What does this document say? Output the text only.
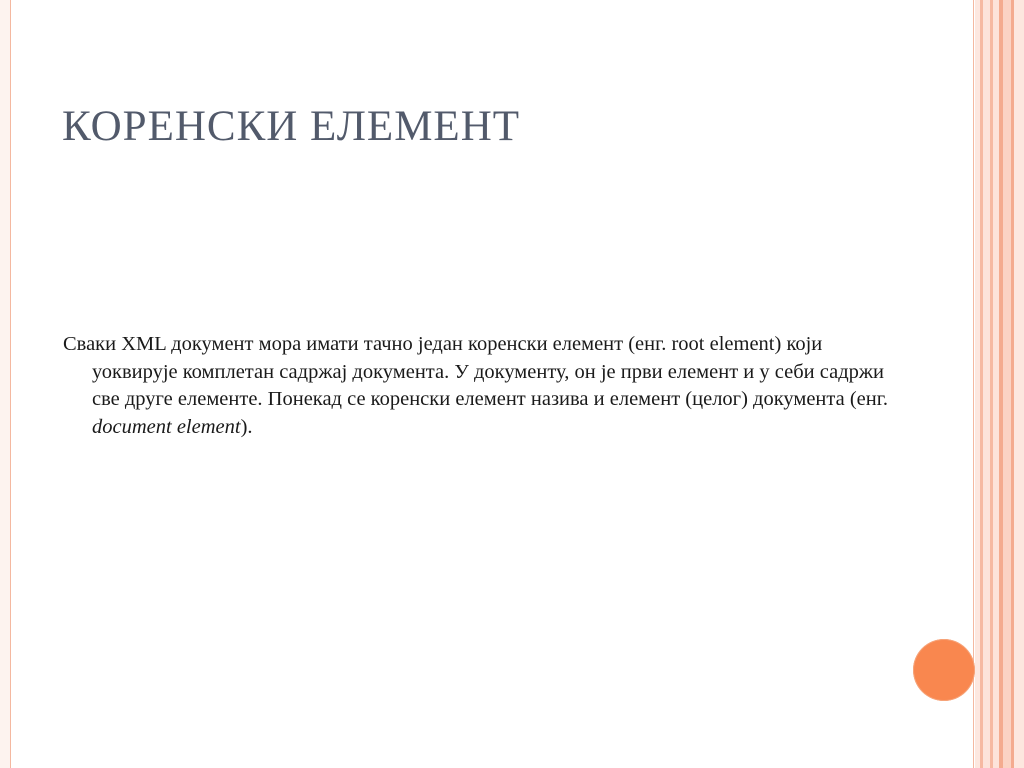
КОРЕНСКИ ЕЛЕМЕНТ

Сваки XML документ мора имати тачно један коренски елемент (енг. root element) који уоквирује комплетан садржај документа. У документу, он је први елемент и у себи садржи све друге елементе. Понекад се коренски елемент назива и елемент (целог) документа (енг. document element).
